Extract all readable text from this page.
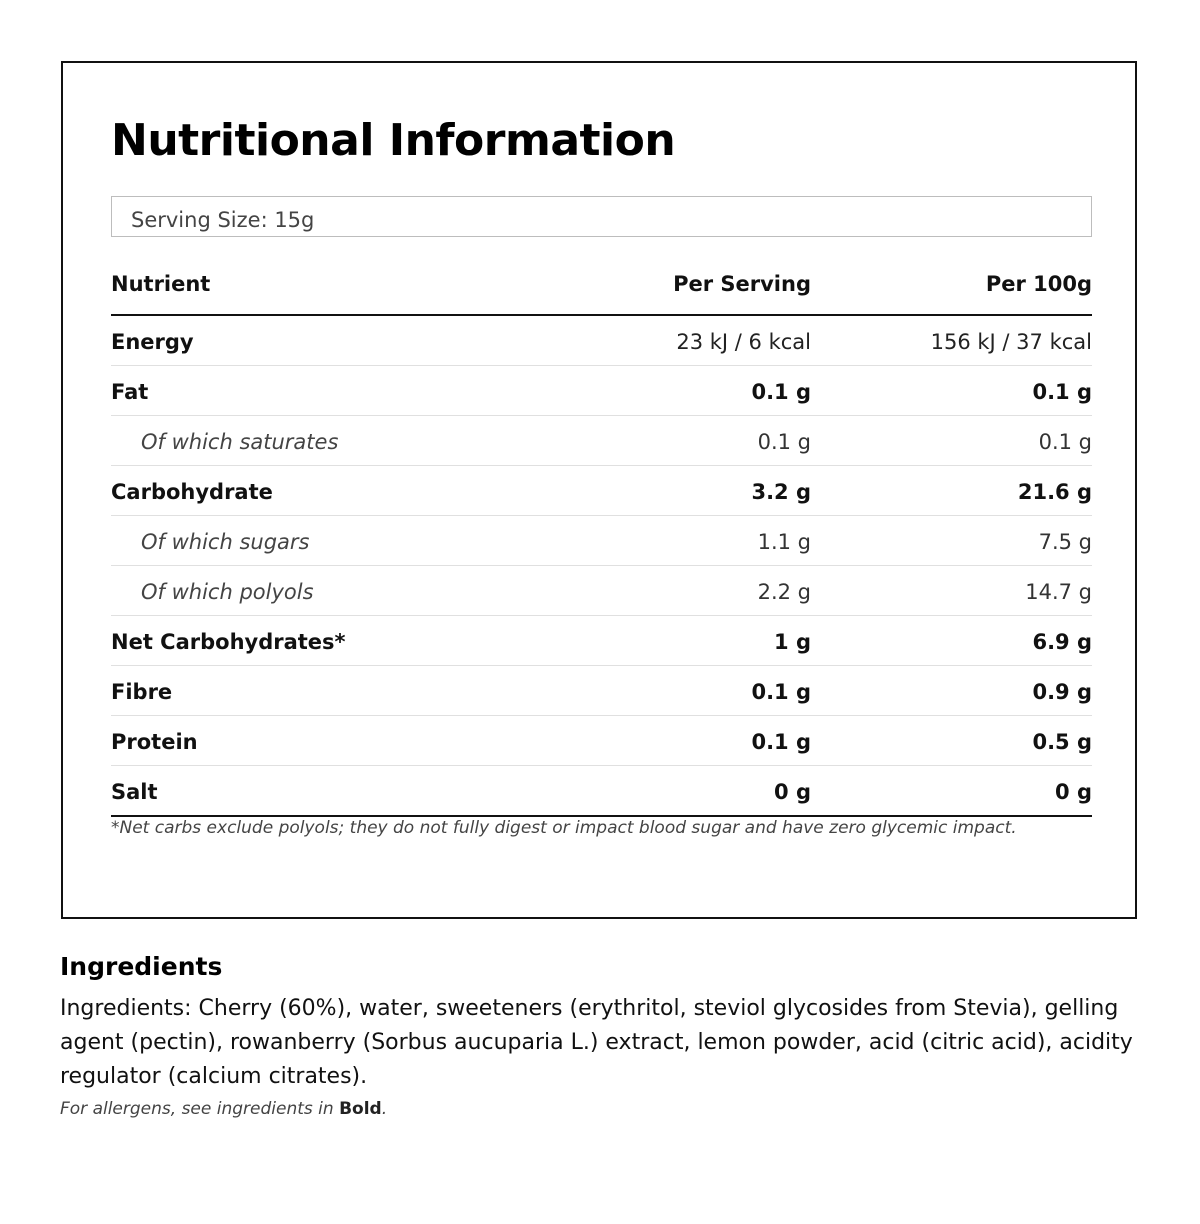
Nutritional Information
Serving Size: 15g
Nutrient	Per Serving	Per 100g
Energy	23 kJ / 6 kcal	156 kJ / 37 kcal
Fat	0.1 g	0.1 g
Of which saturates	0.1 g	0.1 g
Carbohydrate	3.2 g	21.6 g
Of which sugars	1.1 g	7.5 g
Of which polyols	2.2 g	14.7 g
Net Carbohydrates*	1 g	6.9 g
Fibre	0.1 g	0.9 g
Protein	0.1 g	0.5 g
Salt	0 g	0 g
*Net carbs exclude polyols; they do not fully digest or impact blood sugar and have zero glycemic impact.
Ingredients

Ingredients: Cherry (60%), water, sweeteners (erythritol, steviol glycosides from Stevia), gelling agent (pectin), rowanberry (Sorbus aucuparia L.) extract, lemon powder, acid (citric acid), acidity regulator (calcium citrates).

For allergens, see ingredients in Bold.
